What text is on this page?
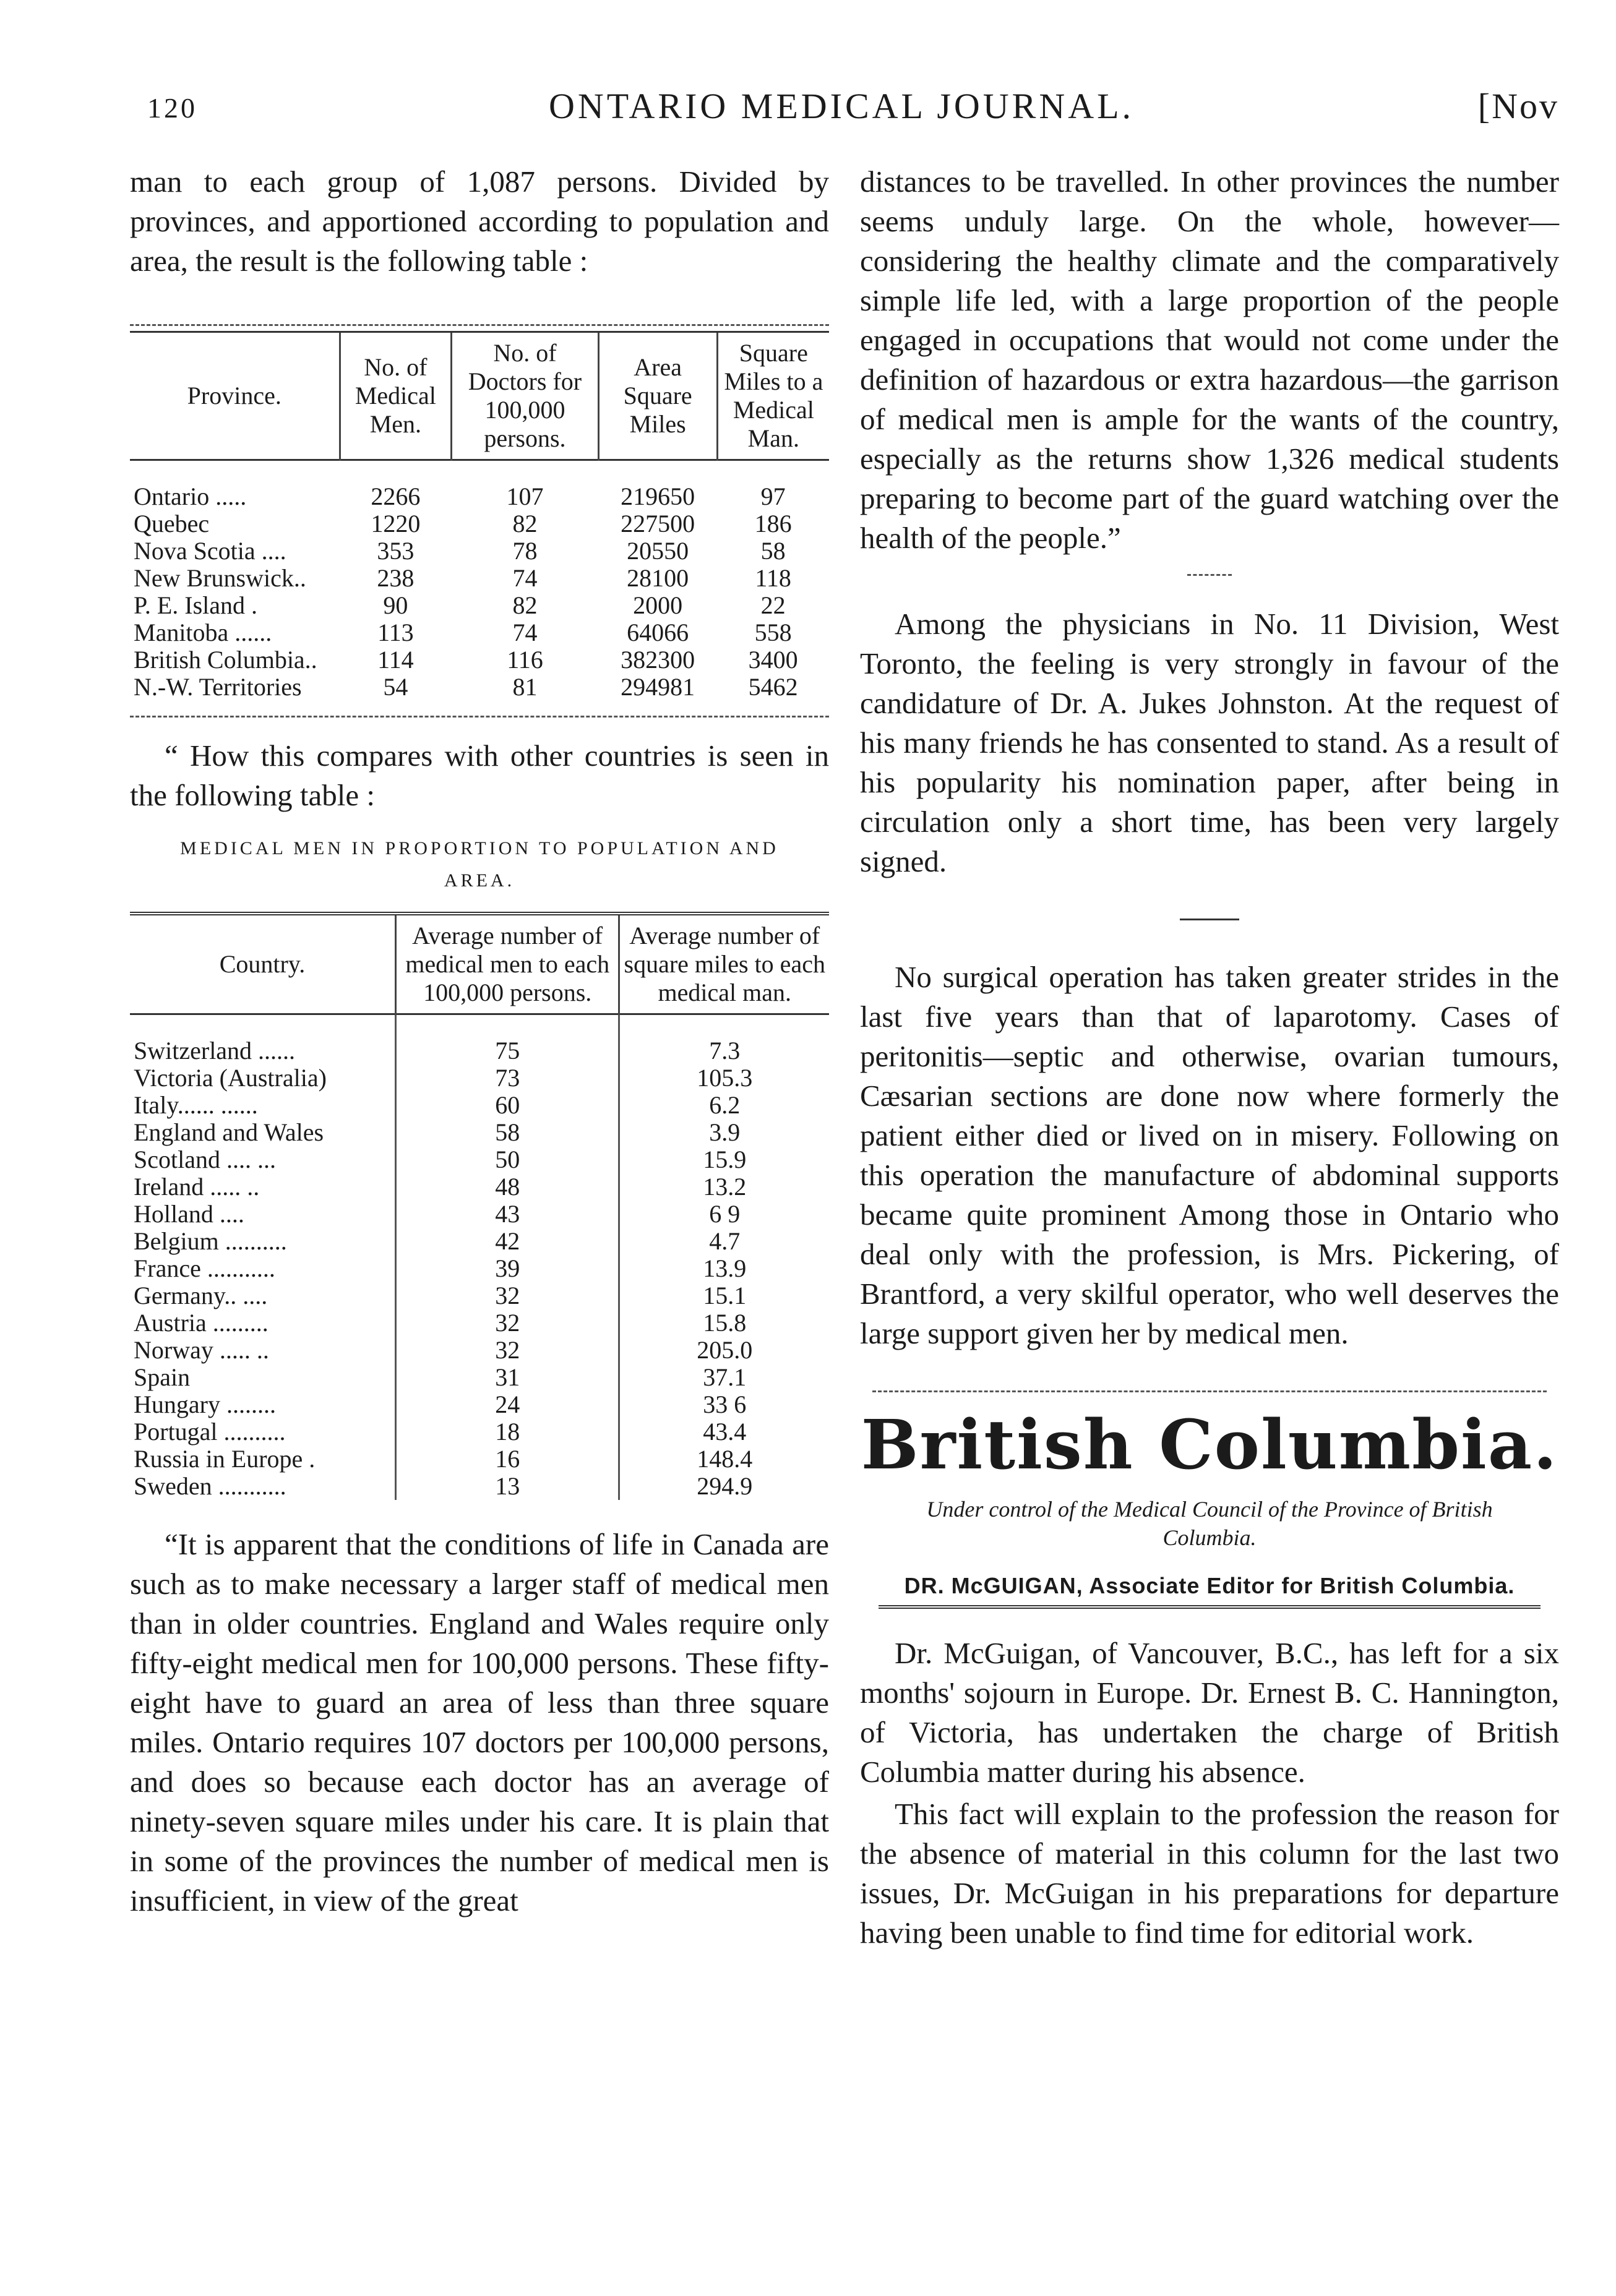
120	ONTARIO MEDICAL JOURNAL.	[Nov

man to each group of 1,087 persons. Divided by provinces, and apportioned according to population and area, the result is the following table :

Province.	No. of Medical Men.	No. of Doctors for 100,000 persons.	Area Square Miles	Square Miles to a Medical Man.

Ontario .....	2266	107	219650	97
Quebec	1220	82	227500	186
Nova Scotia ....	353	78	20550	58
New Brunswick..	238	74	28100	118
P. E. Island .	90	82	2000	22
Manitoba ......	113	74	64066	558
British Columbia..	114	116	382300	3400
N.-W. Territories	54	81	294981	5462

“ How this compares with other countries is seen in the following table :

MEDICAL MEN IN PROPORTION TO POPULATION AND AREA.
Country.	Average number of medical men to each 100,000 persons.	Average number of square miles to each medical man.

Switzerland ......	75	7.3
Victoria (Australia)	73	105.3
Italy...... ......	60	6.2
England and Wales	58	3.9
Scotland .... ...	50	15.9
Ireland ..... ..	48	13.2
Holland ....	43	6 9
Belgium ..........	42	4.7
France ...........	39	13.9
Germany.. ....	32	15.1
Austria .........	32	15.8
Norway ..... ..	32	205.0
Spain	31	37.1
Hungary ........	24	33 6
Portugal ..........	18	43.4
Russia in Europe .	16	148.4
Sweden ...........	13	294.9

“It is apparent that the conditions of life in Canada are such as to make necessary a larger staff of medical men than in older countries. England and Wales require only fifty-eight medical men for 100,000 persons. These fifty-eight have to guard an area of less than three square miles. Ontario requires 107 doctors per 100,000 persons, and does so because each doctor has an average of ninety-seven square miles under his care. It is plain that in some of the provinces the number of medical men is insufficient, in view of the great

distances to be travelled. In other provinces the number seems unduly large. On the whole, however—considering the healthy climate and the comparatively simple life led, with a large proportion of the people engaged in occupations that would not come under the definition of hazardous or extra hazardous—the garrison of medical men is ample for the wants of the country, especially as the returns show 1,326 medical students preparing to become part of the guard watching over the health of the people.”

Among the physicians in No. 11 Division, West Toronto, the feeling is very strongly in favour of the candidature of Dr. A. Jukes Johnston. At the request of his many friends he has consented to stand. As a result of his popularity his nomination paper, after being in circulation only a short time, has been very largely signed.

No surgical operation has taken greater strides in the last five years than that of laparotomy. Cases of peritonitis—septic and otherwise, ovarian tumours, Cæsarian sections are done now where formerly the patient either died or lived on in misery. Following on this operation the manufacture of abdominal supports became quite prominent Among those in Ontario who deal only with the profession, is Mrs. Pickering, of Brantford, a very skilful operator, who well deserves the large support given her by medical men.

British Columbia.
Under control of the Medical Council of the Province of British Columbia.
DR. McGUIGAN, Associate Editor for British Columbia.

Dr. McGuigan, of Vancouver, B.C., has left for a six months' sojourn in Europe. Dr. Ernest B. C. Hannington, of Victoria, has undertaken the charge of British Columbia matter during his absence.

This fact will explain to the profession the reason for the absence of material in this column for the last two issues, Dr. McGuigan in his preparations for departure having been unable to find time for editorial work.
